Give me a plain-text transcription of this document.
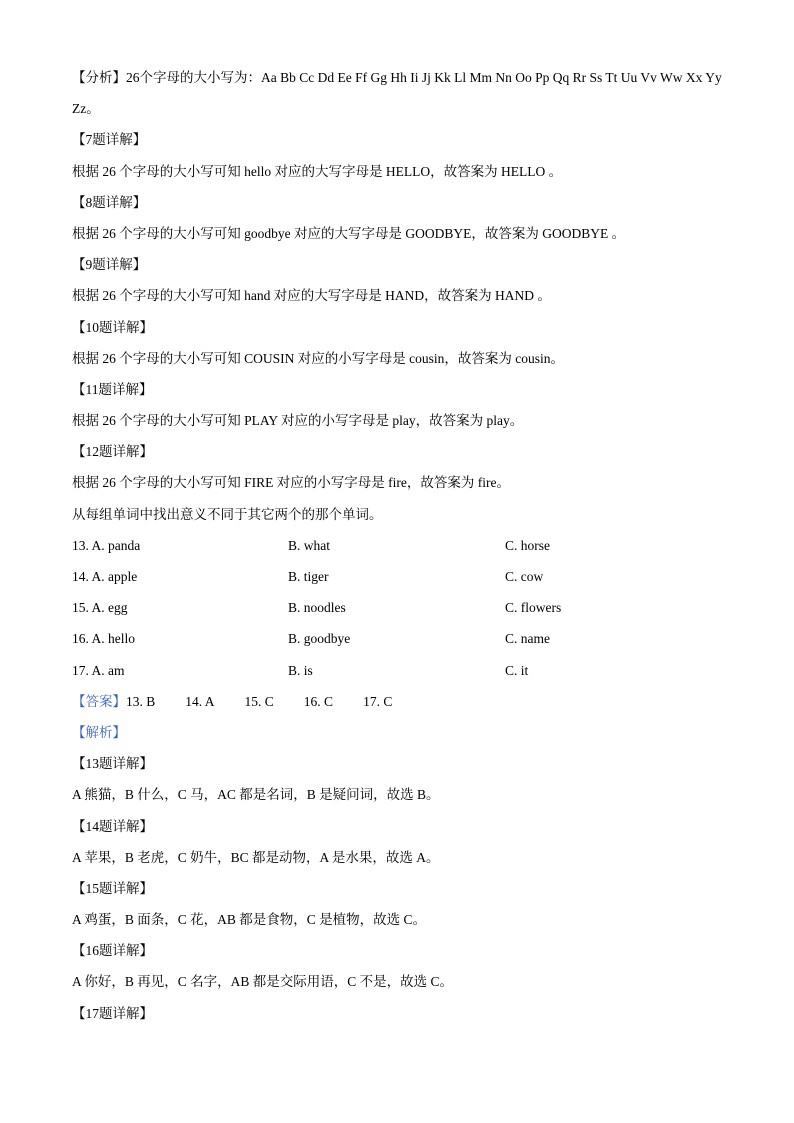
【分析】26个字母的大小写为：Aa Bb Cc Dd Ee Ff Gg Hh Ii Jj Kk Ll Mm Nn Oo Pp Qq Rr Ss Tt Uu Vv Ww Xx Yy Zz。
【7题详解】
根据 26 个字母的大小写可知 hello 对应的大写字母是 HELLO，故答案为 HELLO 。
【8题详解】
根据 26 个字母的大小写可知 goodbye 对应的大写字母是 GOODBYE，故答案为 GOODBYE 。
【9题详解】
根据 26 个字母的大小写可知 hand 对应的大写字母是 HAND，故答案为 HAND 。
【10题详解】
根据 26 个字母的大小写可知 COUSIN 对应的小写字母是 cousin，故答案为 cousin。
【11题详解】
根据 26 个字母的大小写可知 PLAY 对应的小写字母是 play，故答案为 play。
【12题详解】
根据 26 个字母的大小写可知 FIRE 对应的小写字母是 fire，故答案为 fire。
从每组单词中找出意义不同于其它两个的那个单词。
13. A. panda	B. what	C. horse
14. A. apple	B. tiger	C. cow
15. A. egg	B. noodles	C. flowers
16. A. hello	B. goodbye	C. name
17. A. am	B. is	C. it
【答案】13. B 14. A 15. C 16. C 17. C
【解析】
【13题详解】
A 熊猫，B 什么，C 马，AC 都是名词，B 是疑问词，故选 B。
【14题详解】
A 苹果，B 老虎，C 奶牛，BC 都是动物，A 是水果，故选 A。
【15题详解】
A 鸡蛋，B 面条，C 花，AB 都是食物，C 是植物，故选 C。
【16题详解】
A 你好，B 再见，C 名字，AB 都是交际用语，C 不是，故选 C。
【17题详解】
